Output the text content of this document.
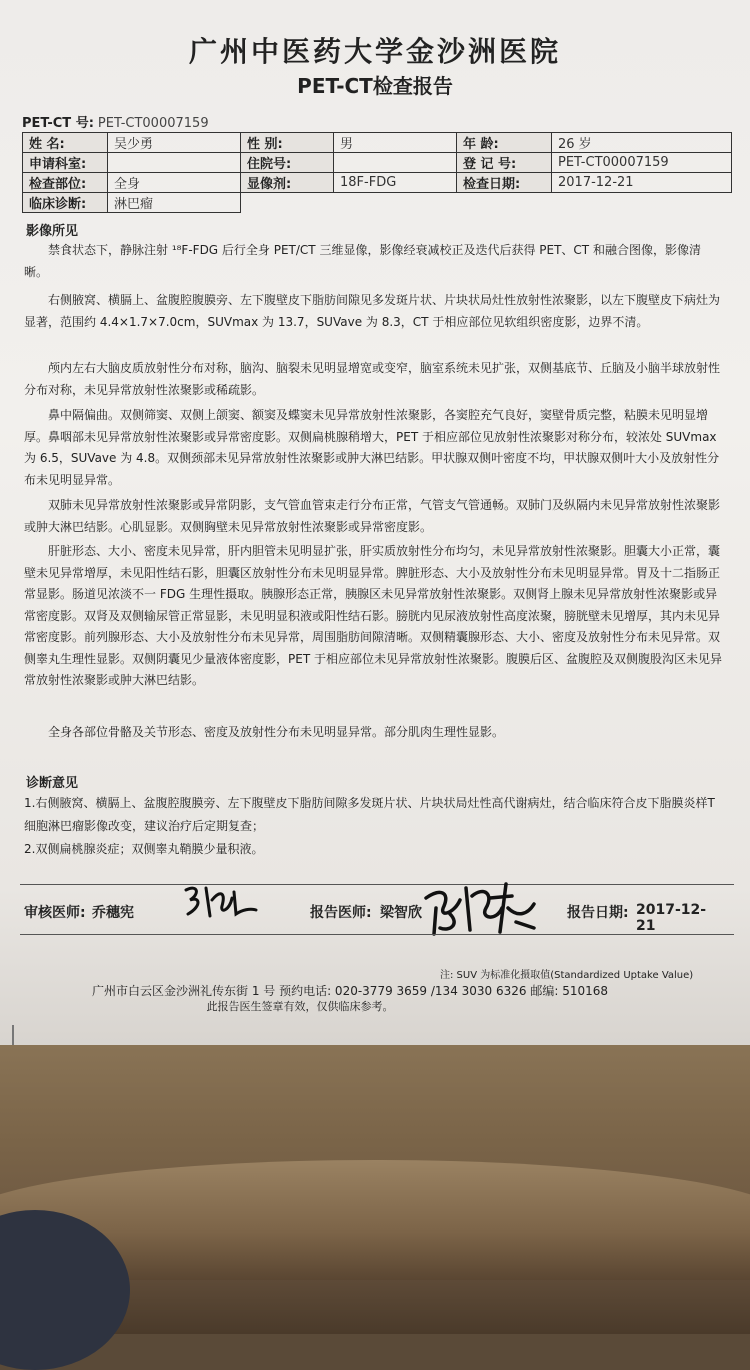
广州中医药大学金沙洲医院
PET-CT检查报告
PET-CT 号: PET-CT00007159
姓 名:	吴少勇	性 别:	男	年 龄:	26 岁
申请科室:		住院号:		登 记 号:	PET-CT00007159
检查部位:	全身	显像剂:	18F-FDG	检查日期:	2017-12-21
临床诊断:	淋巴瘤				
影像所见
禁食状态下，静脉注射 ¹⁸F-FDG 后行全身 PET/CT 三维显像，影像经衰减校正及迭代后获得 PET、CT 和融合图像，影像清晰。
右侧腋窝、横膈上、盆腹腔腹膜旁、左下腹壁皮下脂肪间隙见多发斑片状、片块状局灶性放射性浓聚影，以左下腹壁皮下病灶为显著，范围约 4.4×1.7×7.0cm，SUVmax 为 13.7，SUVave 为 8.3，CT 于相应部位见软组织密度影，边界不清。
颅内左右大脑皮质放射性分布对称，脑沟、脑裂未见明显增宽或变窄，脑室系统未见扩张，双侧基底节、丘脑及小脑半球放射性分布对称，未见异常放射性浓聚影或稀疏影。
鼻中隔偏曲。双侧筛窦、双侧上颌窦、额窦及蝶窦未见异常放射性浓聚影，各窦腔充气良好，窦壁骨质完整，粘膜未见明显增厚。鼻咽部未见异常放射性浓聚影或异常密度影。双侧扁桃腺稍增大，PET 于相应部位见放射性浓聚影对称分布，较浓处 SUVmax 为 6.5，SUVave 为 4.8。双侧颈部未见异常放射性浓聚影或肿大淋巴结影。甲状腺双侧叶密度不均，甲状腺双侧叶大小及放射性分布未见明显异常。
双肺未见异常放射性浓聚影或异常阴影，支气管血管束走行分布正常，气管支气管通畅。双肺门及纵隔内未见异常放射性浓聚影或肿大淋巴结影。心肌显影。双侧胸壁未见异常放射性浓聚影或异常密度影。
肝脏形态、大小、密度未见异常，肝内胆管未见明显扩张，肝实质放射性分布均匀，未见异常放射性浓聚影。胆囊大小正常，囊壁未见异常增厚，未见阳性结石影，胆囊区放射性分布未见明显异常。脾脏形态、大小及放射性分布未见明显异常。胃及十二指肠正常显影。肠道见浓淡不一 FDG 生理性摄取。胰腺形态正常，胰腺区未见异常放射性浓聚影。双侧肾上腺未见异常放射性浓聚影或异常密度影。双肾及双侧输尿管正常显影，未见明显积液或阳性结石影。膀胱内见尿液放射性高度浓聚，膀胱壁未见增厚，其内未见异常密度影。前列腺形态、大小及放射性分布未见异常，周围脂肪间隙清晰。双侧精囊腺形态、大小、密度及放射性分布未见异常。双侧睾丸生理性显影。双侧阴囊见少量液体密度影，PET 于相应部位未见异常放射性浓聚影。腹膜后区、盆腹腔及双侧腹股沟区未见异常放射性浓聚影或肿大淋巴结影。
全身各部位骨骼及关节形态、密度及放射性分布未见明显异常。部分肌肉生理性显影。
诊断意见
1.右侧腋窝、横膈上、盆腹腔腹膜旁、左下腹壁皮下脂肪间隙多发斑片状、片块状局灶性高代谢病灶，结合临床符合皮下脂膜炎样T细胞淋巴瘤影像改变，建议治疗后定期复查；
2.双侧扁桃腺炎症；双侧睾丸鞘膜少量积液。
审核医师: 乔穗宪	报告医师: 梁智欣	报告日期: 2017-12-21
注: SUV 为标准化摄取值(Standardized Uptake Value)
广州市白云区金沙洲礼传东街 1 号 预约电话: 020-3779 3659 /134 3030 6326 邮编: 510168
此报告医生签章有效，仅供临床参考。
